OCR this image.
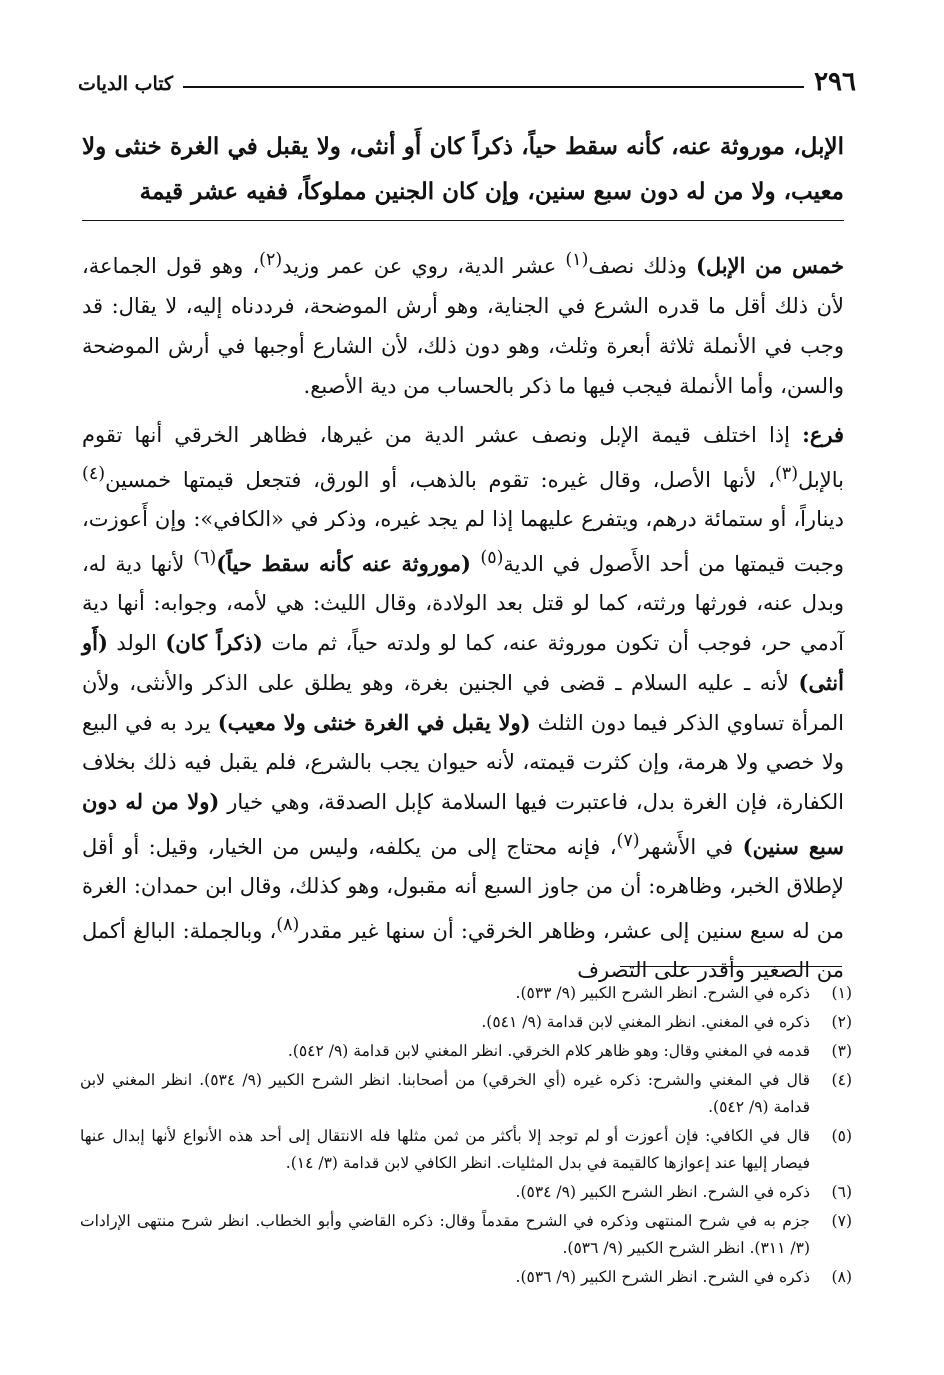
٢٩٦
كتاب الديات

الإبل، موروثة عنه، كأنه سقط حياً، ذكراً كان أَو أنثى، ولا يقبل في الغرة خنثى ولا معيب، ولا من له دون سبع سنين، وإن كان الجنين مملوكاً، ففيه عشر قيمة

خمس من الإبل) وذلك نصف$^{(١)}$ عشر الدية، روي عن عمر وزيد$^{(٢)}$، وهو قول الجماعة، لأن ذلك أقل ما قدره الشرع في الجناية، وهو أرش الموضحة، فرددناه إليه، لا يقال: قد وجب في الأنملة ثلاثة أبعرة وثلث، وهو دون ذلك، لأن الشارع أوجبها في أرش الموضحة والسن، وأما الأنملة فيجب فيها ما ذكر بالحساب من دية الأصبع.

فرع: إذا اختلف قيمة الإبل ونصف عشر الدية من غيرها، فظاهر الخرقي أنها تقوم بالإبل$^{(٣)}$، لأنها الأصل، وقال غيره: تقوم بالذهب، أو الورق، فتجعل قيمتها خمسين$^{(٤)}$ ديناراً، أو ستمائة درهم، ويتفرع عليهما إذا لم يجد غيره، وذكر في «الكافي»: وإن أَعوزت، وجبت قيمتها من أحد الأَصول في الدية$^{(٥)}$ (موروثة عنه كأنه سقط حياً)$^{(٦)}$ لأنها دية له، وبدل عنه، فورثها ورثته، كما لو قتل بعد الولادة، وقال الليث: هي لأمه، وجوابه: أنها دية آدمي حر، فوجب أن تكون موروثة عنه، كما لو ولدته حياً، ثم مات (ذكراً كان) الولد (أَو أنثى) لأنه ـ عليه السلام ـ قضى في الجنين بغرة، وهو يطلق على الذكر والأنثى، ولأن المرأة تساوي الذكر فيما دون الثلث (ولا يقبل في الغرة خنثى ولا معيب) يرد به في البيع ولا خصي ولا هرمة، وإن كثرت قيمته، لأنه حيوان يجب بالشرع، فلم يقبل فيه ذلك بخلاف الكفارة، فإن الغرة بدل، فاعتبرت فيها السلامة كإبل الصدقة، وهي خيار (ولا من له دون سبع سنين) في الأَشهر$^{(٧)}$، فإنه محتاج إلى من يكلفه، وليس من الخيار، وقيل: أو أقل لإطلاق الخبر، وظاهره: أن من جاوز السبع أنه مقبول، وهو كذلك، وقال ابن حمدان: الغرة من له سبع سنين إلى عشر، وظاهر الخرقي: أن سنها غير مقدر$^{(٨)}$، وبالجملة: البالغ أكمل من الصغير وأقدر على التصرف

(١)
ذكره في الشرح. انظر الشرح الكبير (٩/ ٥٣٣).
(٢)
ذكره في المغني. انظر المغني لابن قدامة (٩/ ٥٤١).
(٣)
قدمه في المغني وقال: وهو ظاهر كلام الخرقي. انظر المغني لابن قدامة (٩/ ٥٤٢).
(٤)
قال في المغني والشرح: ذكره غيره (أي الخرقي) من أصحابنا. انظر الشرح الكبير (٩/ ٥٣٤). انظر المغني لابن قدامة (٩/ ٥٤٢).
(٥)
قال في الكافي: فإن أعوزت أو لم توجد إلا بأكثر من ثمن مثلها فله الانتقال إلى أحد هذه الأنواع لأنها إبدال عنها فيصار إليها عند إعوازها كالقيمة في بدل المثليات. انظر الكافي لابن قدامة (٣/ ١٤).
(٦)
ذكره في الشرح. انظر الشرح الكبير (٩/ ٥٣٤).
(٧)
جزم به في شرح المنتهى وذكره في الشرح مقدماً وقال: ذكره القاضي وأبو الخطاب. انظر شرح منتهى الإرادات (٣/ ٣١١). انظر الشرح الكبير (٩/ ٥٣٦).
(٨)
ذكره في الشرح. انظر الشرح الكبير (٩/ ٥٣٦).
